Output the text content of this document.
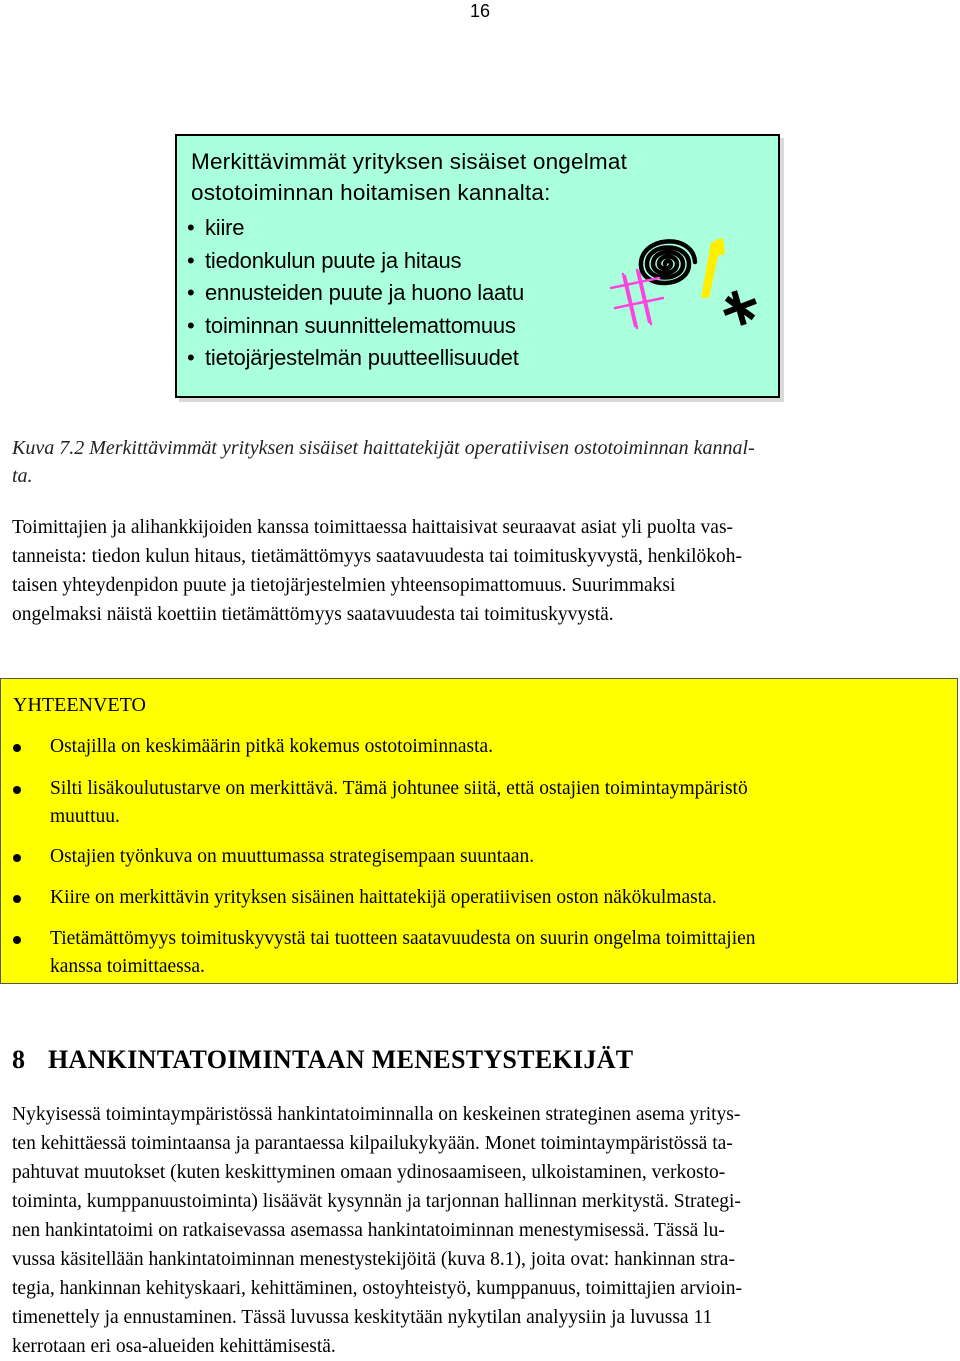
16
Merkittävimmät yrityksen sisäiset ongelmat
ostotoiminnan hoitamisen kannalta:
• kiire
• tiedonkulun puute ja hitaus
• ennusteiden puute ja huono laatu
• toiminnan suunnittelemattomuus
• tietojärjestelmän puutteellisuudet
Kuva 7.2 Merkittävimmät yrityksen sisäiset haittatekijät operatiivisen ostotoiminnan kannal-
ta.
Toimittajien ja alihankkijoiden kanssa toimittaessa haittaisivat seuraavat asiat yli puolta vas-
tanneista: tiedon kulun hitaus, tietämättömyys saatavuudesta tai toimituskyvystä, henkilökoh-
taisen yhteydenpidon puute ja tietojärjestelmien yhteensopimattomuus. Suurimmaksi
ongelmaksi näistä koettiin tietämättömyys saatavuudesta tai toimituskyvystä.
YHTEENVETO
Ostajilla on keskimäärin pitkä kokemus ostotoiminnasta.
Silti lisäkoulutustarve on merkittävä. Tämä johtunee siitä, että ostajien toimintaympäristö
muuttuu.
Ostajien työnkuva on muuttumassa strategisempaan suuntaan.
Kiire on merkittävin yrityksen sisäinen haittatekijä operatiivisen oston näkökulmasta.
Tietämättömyys toimituskyvystä tai tuotteen saatavuudesta on suurin ongelma toimittajien
kanssa toimittaessa.
8 HANKINTATOIMINTAAN MENESTYSTEKIJÄT
Nykyisessä toimintaympäristössä hankintatoiminnalla on keskeinen strateginen asema yritys-
ten kehittäessä toimintaansa ja parantaessa kilpailukykyään. Monet toimintaympäristössä ta-
pahtuvat muutokset (kuten keskittyminen omaan ydinosaamiseen, ulkoistaminen, verkosto-
toiminta, kumppanuustoiminta) lisäävät kysynnän ja tarjonnan hallinnan merkitystä. Strategi-
nen hankintatoimi on ratkaisevassa asemassa hankintatoiminnan menestymisessä. Tässä lu-
vussa käsitellään hankintatoiminnan menestystekijöitä (kuva 8.1), joita ovat: hankinnan stra-
tegia, hankinnan kehityskaari, kehittäminen, ostoyhteistyö, kumppanuus, toimittajien arvioin-
timenettely ja ennustaminen. Tässä luvussa keskitytään nykytilan analyysiin ja luvussa 11
kerrotaan eri osa-alueiden kehittämisestä.
